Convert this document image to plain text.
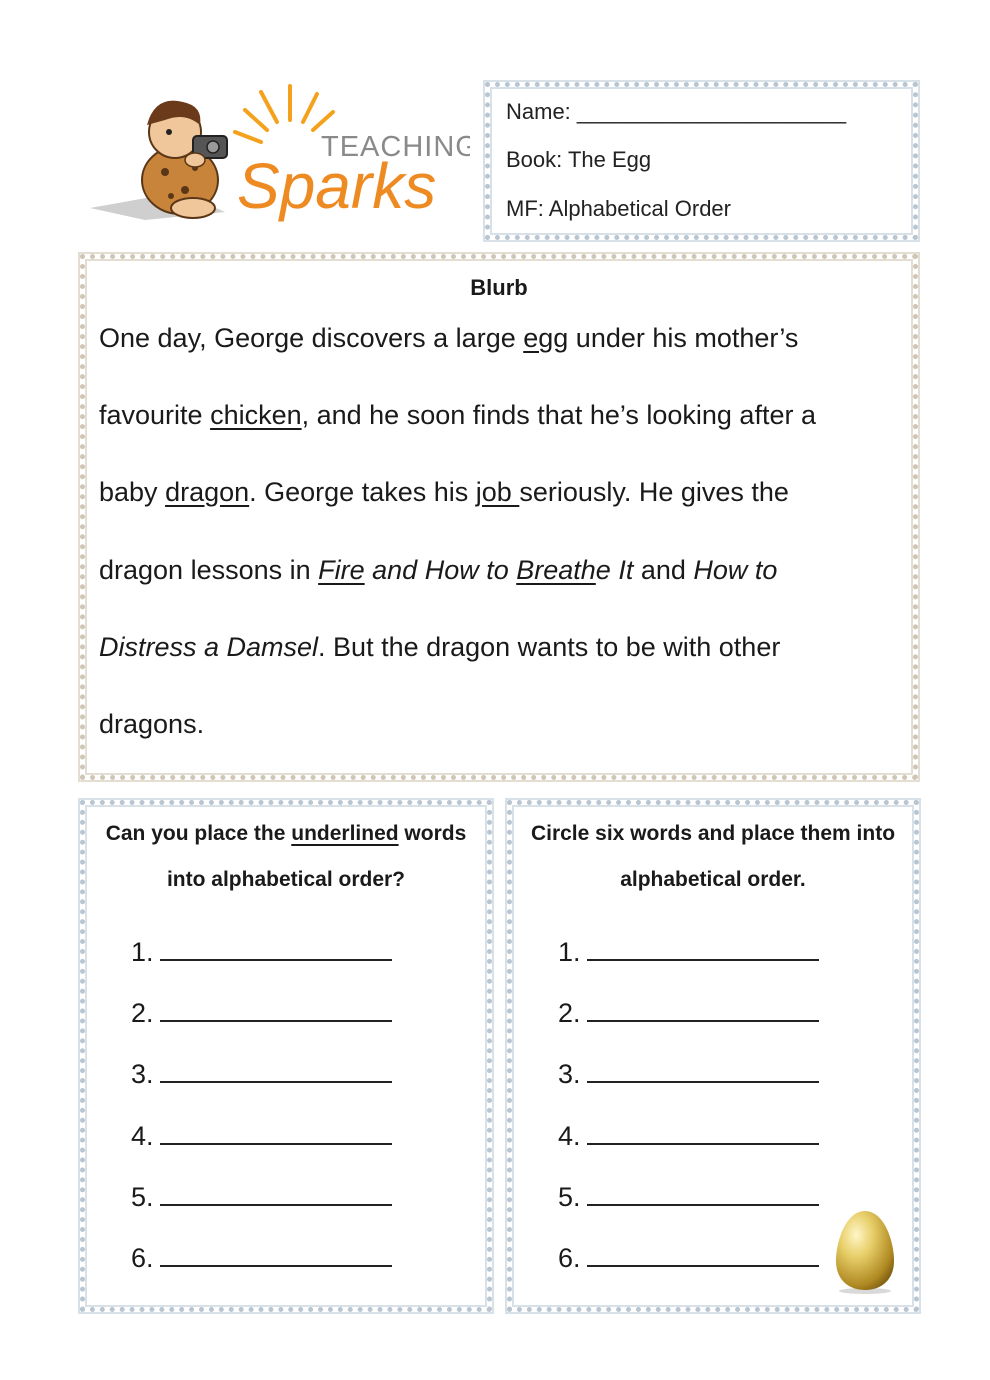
TEACHING
Sparks
Name: ______________________
Book: The Egg
MF: Alphabetical Order
Blurb
One day, George discovers a large egg under his mother’s
favourite chicken, and he soon finds that he’s looking after a
baby dragon. George takes his job seriously. He gives the
dragon lessons in Fire and How to Breathe It and How to
Distress a Damsel. But the dragon wants to be with other
dragons.
Can you place the underlined words
into alphabetical order?
1.
2.
3.
4.
5.
6.
Circle six words and place them into
alphabetical order.
1.
2.
3.
4.
5.
6.
